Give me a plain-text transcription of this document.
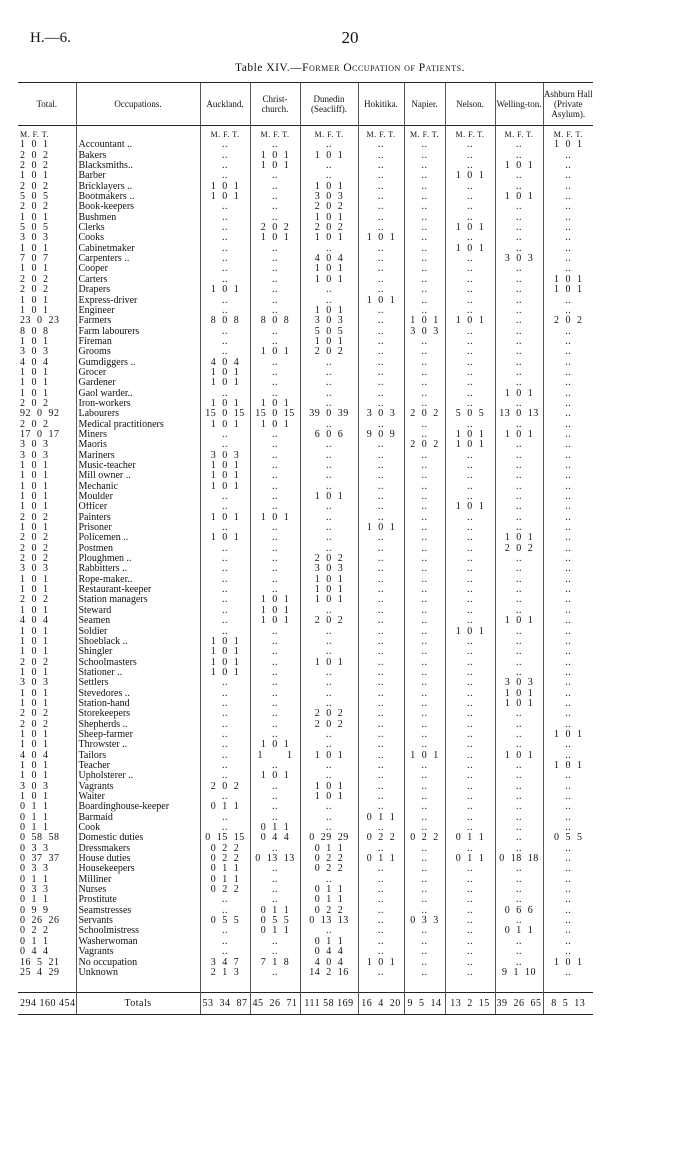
H.—6.	20
Table XIV.—Former Occupation of Patients.
Total.	Occupations.	Auckland.	Christ-church.	Dunedin (Seacliff).	Hokitika.	Napier.	Nelson.	Welling-ton.	Ashburn Hall (Private Asylum).
M. F. T.		M. F. T.	M. F. T.	M. F. T.	M. F. T.	M. F. T.	M. F. T.	M. F. T.	M. F. T.
1  0  1	Accountant ..	..	..	..	..	..	..	..	1  0  1
2  0  2	Bakers	..	1  0  1	1  0  1	..	..	..	..	..
2  0  2	Blacksmiths..	..	1  0  1	..	..	..	..	1  0  1	..
1  0  1	Barber	..	..	..	..	..	1  0  1	..	..
2  0  2	Bricklayers ..	1  0  1	..	1  0  1	..	..	..	..	..
5  0  5	Bootmakers ..	1  0  1	..	3  0  3	..	..	..	1  0  1	..
2  0  2	Book-keepers	..	..	2  0  2	..	..	..	..	..
1  0  1	Bushmen	..	..	1  0  1	..	..	..	..	..
5  0  5	Clerks	..	2  0  2	2  0  2	..	..	1  0  1	..	..
3  0  3	Cooks	..	1  0  1	1  0  1	1  0  1	..	..	..	..
1  0  1	Cabinetmaker	..	..	..	..	..	1  0  1	..	..
7  0  7	Carpenters ..	..	..	4  0  4	..	..	..	3  0  3	..
1  0  1	Cooper	..	..	1  0  1	..	..	..	..	..
2  0  2	Carters	..	..	1  0  1	..	..	..	..	1  0  1
2  0  2	Drapers	1  0  1	..	..	..	..	..	..	1  0  1
1  0  1	Express-driver	..	..	..	1  0  1	..	..	..	..
1  0  1	Engineer	..	..	1  0  1	..	..	..	..	..
23  0  23	Farmers	8  0  8	8  0  8	3  0  3	..	1  0  1	1  0  1	..	2  0  2
8  0  8	Farm labourers	..	..	5  0  5	..	3  0  3	..	..	..
1  0  1	Fireman	..	..	1  0  1	..	..	..	..	..
3  0  3	Grooms	..	1  0  1	2  0  2	..	..	..	..	..
4  0  4	Gumdiggers ..	4  0  4	..	..	..	..	..	..	..
1  0  1	Grocer	1  0  1	..	..	..	..	..	..	..
1  0  1	Gardener	1  0  1	..	..	..	..	..	..	..
1  0  1	Gaol warder..	..	..	..	..	..	..	1  0  1	..
2  0  2	Iron-workers	1  0  1	1  0  1	..	..	..	..	..	..
92  0  92	Labourers	15  0  15	15  0  15	39  0  39	3  0  3	2  0  2	5  0  5	13  0  13	..
2  0  2	Medical practitioners	1  0  1	1  0  1	..	..	..	..	..	..
17  0  17	Miners	..	..	6  0  6	9  0  9	..	1  0  1	1  0  1	..
3  0  3	Maoris	..	..	..	..	2  0  2	1  0  1	..	..
3  0  3	Mariners	3  0  3	..	..	..	..	..	..	..
1  0  1	Music-teacher	1  0  1	..	..	..	..	..	..	..
1  0  1	Mill owner ..	1  0  1	..	..	..	..	..	..	..
1  0  1	Mechanic	1  0  1	..	..	..	..	..	..	..
1  0  1	Moulder	..	..	1  0  1	..	..	..	..	..
1  0  1	Officer	..	..	..	..	..	1  0  1	..	..
2  0  2	Painters	1  0  1	1  0  1	..	..	..	..	..	..
1  0  1	Prisoner	..	..	..	1  0  1	..	..	..	..
2  0  2	Policemen ..	1  0  1	..	..	..	..	..	1  0  1	..
2  0  2	Postmen	..	..	..	..	..	..	2  0  2	..
2  0  2	Ploughmen ..	..	..	2  0  2	..	..	..	..	..
3  0  3	Rabbitters ..	..	..	3  0  3	..	..	..	..	..
1  0  1	Rope-maker..	..	..	1  0  1	..	..	..	..	..
1  0  1	Restaurant-keeper	..	..	1  0  1	..	..	..	..	..
2  0  2	Station managers	..	1  0  1	1  0  1	..	..	..	..	..
1  0  1	Steward	..	1  0  1	..	..	..	..	..	..
4  0  4	Seamen	..	1  0  1	2  0  2	..	..	..	1  0  1	..
1  0  1	Soldier	..	..	..	..	..	1  0  1	..	..
1  0  1	Shoeblack ..	1  0  1	..	..	..	..	..	..	..
1  0  1	Shingler	1  0  1	..	..	..	..	..	..	..
2  0  2	Schoolmasters	1  0  1	..	1  0  1	..	..	..	..	..
1  0  1	Stationer ..	1  0  1	..	..	..	..	..	..	..
3  0  3	Settlers	..	..	..	..	..	..	3  0  3	..
1  0  1	Stevedores ..	..	..	..	..	..	..	1  0  1	..
1  0  1	Station-hand	..	..	..	..	..	..	1  0  1	..
2  0  2	Storekeepers	..	..	2  0  2	..	..	..	..	..
2  0  2	Shepherds ..	..	..	2  0  2	..	..	..	..	..
1  0  1	Sheep-farmer	..	..	..	..	..	..	..	1  0  1
1  0  1	Throwster ..	..	1  0  1	..	..	..	..	..	..
4  0  4	Tailors	..	1        1	1  0  1	..	1  0  1	..	1  0  1	..
1  0  1	Teacher	..	..	..	..	..	..	..	1  0  1
1  0  1	Upholsterer ..	..	1  0  1	..	..	..	..	..	..
3  0  3	Vagrants	2  0  2	..	1  0  1	..	..	..	..	..
1  0  1	Waiter	..	..	1  0  1	..	..	..	..	..
0  1  1	Boardinghouse-keeper	0  1  1	..	..	..	..	..	..	..
0  1  1	Barmaid	..	..	..	0  1  1	..	..	..	..
0  1  1	Cook	..	0  1  1	..	..	..	..	..	..
0  58  58	Domestic duties	0  15  15	0  4  4	0  29  29	0  2  2	0  2  2	0  1  1	..	0  5  5
0  3  3	Dressmakers	0  2  2	..	0  1  1	..	..	..	..	..
0  37  37	House duties	0  2  2	0  13  13	0  2  2	0  1  1	..	0  1  1	0  18  18	..
0  3  3	Housekeepers	0  1  1	..	0  2  2	..	..	..	..	..
0  1  1	Milliner	0  1  1	..	..	..	..	..	..	..
0  3  3	Nurses	0  2  2	..	0  1  1	..	..	..	..	..
0  1  1	Prostitute	..	..	0  1  1	..	..	..	..	..
0  9  9	Seamstresses	..	0  1  1	0  2  2	..	..	..	0  6  6	..
0  26  26	Servants	0  5  5	0  5  5	0  13  13	..	0  3  3	..	..	..
0  2  2	Schoolmistress	..	0  1  1	..	..	..	..	0  1  1	..
0  1  1	Washerwoman	..	..	0  1  1	..	..	..	..	..
0  4  4	Vagrants	..	..	0  4  4	..	..	..	..	..
16  5  21	No occupation	3  4  7	7  1  8	4  0  4	1  0  1	..	..	..	1  0  1
25  4  29	Unknown	2  1  3	..	14  2  16	..	..	..	9  1  10	..

294 160 454	Totals	53  34  87	45  26  71	111 58 169	16  4  20	9  5  14	13  2  15	39  26  65	8  5  13
